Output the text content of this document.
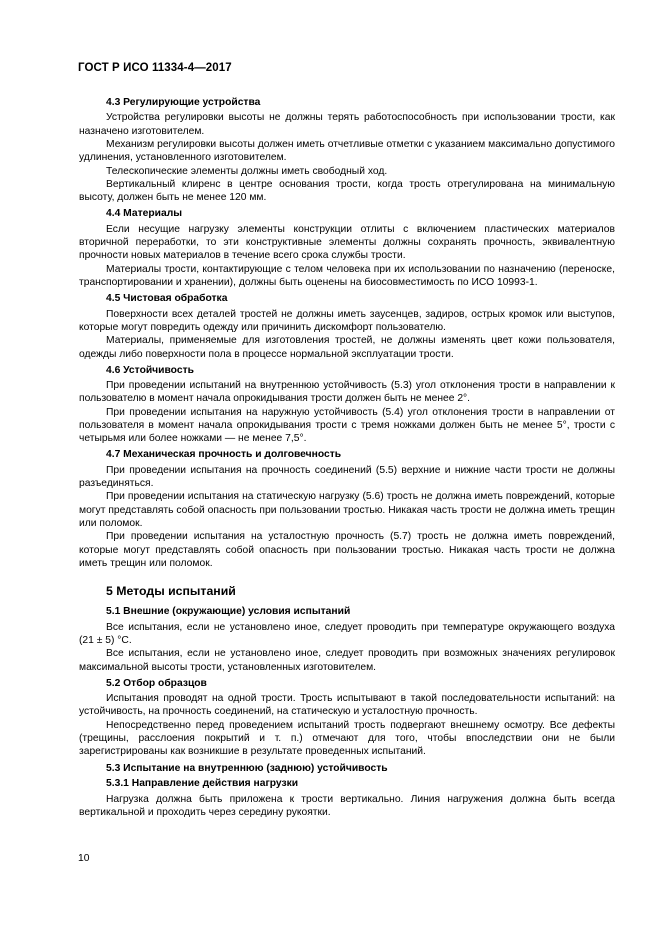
ГОСТ Р ИСО 11334-4—2017
4.3 Регулирующие устройства

Устройства регулировки высоты не должны терять работоспособность при использовании трости, как назначено изготовителем.

Механизм регулировки высоты должен иметь отчетливые отметки с указанием максимально допустимого удлинения, установленного изготовителем.

Телескопические элементы должны иметь свободный ход.

Вертикальный клиренс в центре основания трости, когда трость отрегулирована на минимальную высоту, должен быть не менее 120 мм.

4.4 Материалы

Если несущие нагрузку элементы конструкции отлиты с включением пластических материалов вторичной переработки, то эти конструктивные элементы должны сохранять прочность, эквивалентную прочности новых материалов в течение всего срока службы трости.

Материалы трости, контактирующие с телом человека при их использовании по назначению (переноске, транспортировании и хранении), должны быть оценены на биосовместимость по ИСО 10993-1.

4.5 Чистовая обработка

Поверхности всех деталей тростей не должны иметь заусенцев, задиров, острых кромок или выступов, которые могут повредить одежду или причинить дискомфорт пользователю.

Материалы, применяемые для изготовления тростей, не должны изменять цвет кожи пользователя, одежды либо поверхности пола в процессе нормальной эксплуатации трости.

4.6 Устойчивость

При проведении испытаний на внутреннюю устойчивость (5.3) угол отклонения трости в направлении к пользователю в момент начала опрокидывания трости должен быть не менее 2°.

При проведении испытания на наружную устойчивость (5.4) угол отклонения трости в направлении от пользователя в момент начала опрокидывания трости с тремя ножками должен быть не менее 5°, трости с четырьмя или более ножками — не менее 7,5°.

4.7 Механическая прочность и долговечность

При проведении испытания на прочность соединений (5.5) верхние и нижние части трости не должны разъединяться.

При проведении испытания на статическую нагрузку (5.6) трость не должна иметь повреждений, которые могут представлять собой опасность при пользовании тростью. Никакая часть трости не должна иметь трещин или поломок.

При проведении испытания на усталостную прочность (5.7) трость не должна иметь повреждений, которые могут представлять собой опасность при пользовании тростью. Никакая часть трости не должна иметь трещин или поломок.

5 Методы испытаний
5.1 Внешние (окружающие) условия испытаний

Все испытания, если не установлено иное, следует проводить при температуре окружающего воздуха (21 ± 5) °С.

Все испытания, если не установлено иное, следует проводить при возможных значениях регулировок максимальной высоты трости, установленных изготовителем.

5.2 Отбор образцов

Испытания проводят на одной трости. Трость испытывают в такой последовательности испытаний: на устойчивость, на прочность соединений, на статическую и усталостную прочность.

Непосредственно перед проведением испытаний трость подвергают внешнему осмотру. Все дефекты (трещины, расслоения покрытий и т. п.) отмечают для того, чтобы впоследствии они не были зарегистрированы как возникшие в результате проведенных испытаний.

5.3 Испытание на внутреннюю (заднюю) устойчивость
5.3.1 Направление действия нагрузки

Нагрузка должна быть приложена к трости вертикально. Линия нагружения должна быть всегда вертикальной и проходить через середину рукоятки.

10
